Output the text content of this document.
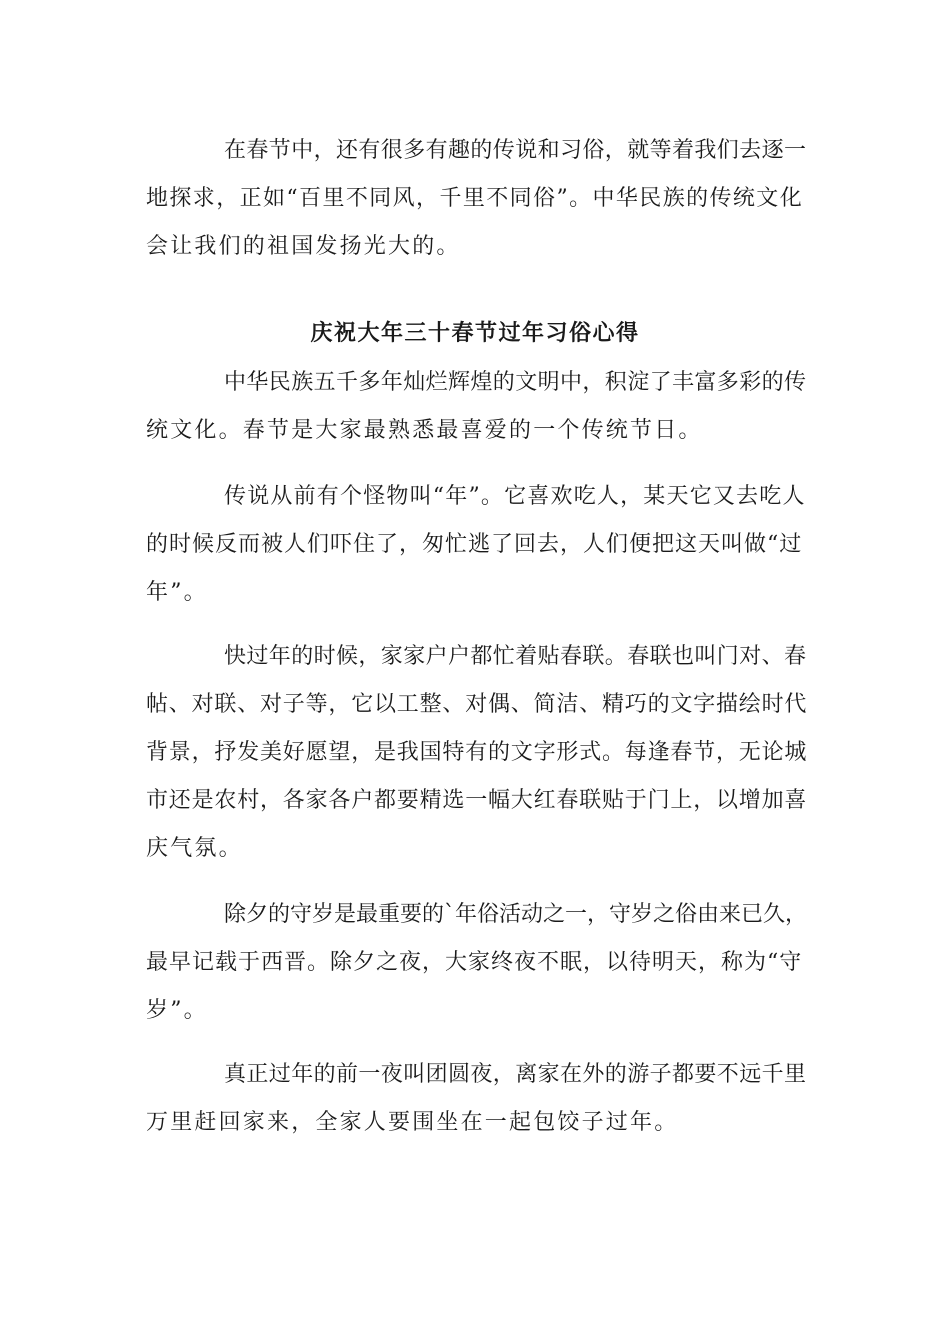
在春节中，还有很多有趣的传说和习俗，就等着我们去逐一
地探求，正如“百里不同风，千里不同俗”。中华民族的传统文化
会让我们的祖国发扬光大的。
庆祝大年三十春节过年习俗心得
中华民族五千多年灿烂辉煌的文明中，积淀了丰富多彩的传
统文化。春节是大家最熟悉最喜爱的一个传统节日。
传说从前有个怪物叫“年”。它喜欢吃人，某天它又去吃人
的时候反而被人们吓住了，匆忙逃了回去，人们便把这天叫做“过
年”。
快过年的时候，家家户户都忙着贴春联。春联也叫门对、春
帖、对联、对子等，它以工整、对偶、简洁、精巧的文字描绘时代
背景，抒发美好愿望，是我国特有的文字形式。每逢春节，无论城
市还是农村，各家各户都要精选一幅大红春联贴于门上，以增加喜
庆气氛。
除夕的守岁是最重要的`年俗活动之一，守岁之俗由来已久，
最早记载于西晋。除夕之夜，大家终夜不眠，以待明天，称为“守
岁”。
真正过年的前一夜叫团圆夜，离家在外的游子都要不远千里
万里赶回家来，全家人要围坐在一起包饺子过年。
